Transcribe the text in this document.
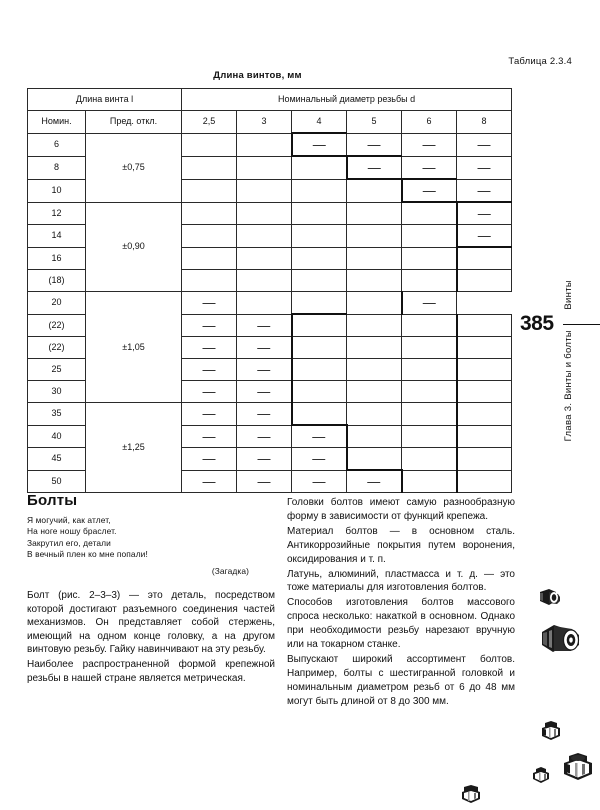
Таблица 2.3.4
Длина винтов, мм
Длина винта l		Номинальный диаметр резьбы d					
Номин.	Пред. откл.	2,5	3	4	5	6	8
6	±0,75			—	—	—	—
8					—	—	—
10						—	—
12	±0,90						—
14							—
16							
(18)							
20	±1,05	—				—	
(22)		—	—				
(22)		—	—				
25		—	—				
30		—	—				
35	±1,25	—	—				
40		—	—	—			
45		—	—	—			
50		—	—	—	—		
Болты
Я могучий, как атлет,
На ноге ношу браслет.
Закрутил его, детали
В вечный плен ко мне попали!
(Загадка)

Болт (рис. 2–3–3) — это деталь, посредством которой достигают разъемного соединения частей механизмов. Он представляет собой стержень, имеющий на одном конце головку, а на другом винтовую резьбу. Гайку навинчивают на эту резьбу.

Наиболее распространенной формой крепежной резьбы в нашей стране является метрическая.

Головки болтов имеют самую разнообразную форму в зависимости от функций крепежа.

Материал болтов — в основном сталь. Антикоррозийные покрытия путем воронения, оксидирования и т. п.

Латунь, алюминий, пластмасса и т. д. — это тоже материалы для изготовления болтов.

Способов изготовления болтов массового спроса несколько: накаткой в основном. Однако при необходимости резьбу нарезают вручную или на токарном станке.

Выпускают широкий ассортимент болтов. Например, болты с шестигранной головкой и номинальным диаметром резьб от 6 до 48 мм могут быть длиной от 8 до 300 мм.

385
Винты
Глава 3. Винты и болты
